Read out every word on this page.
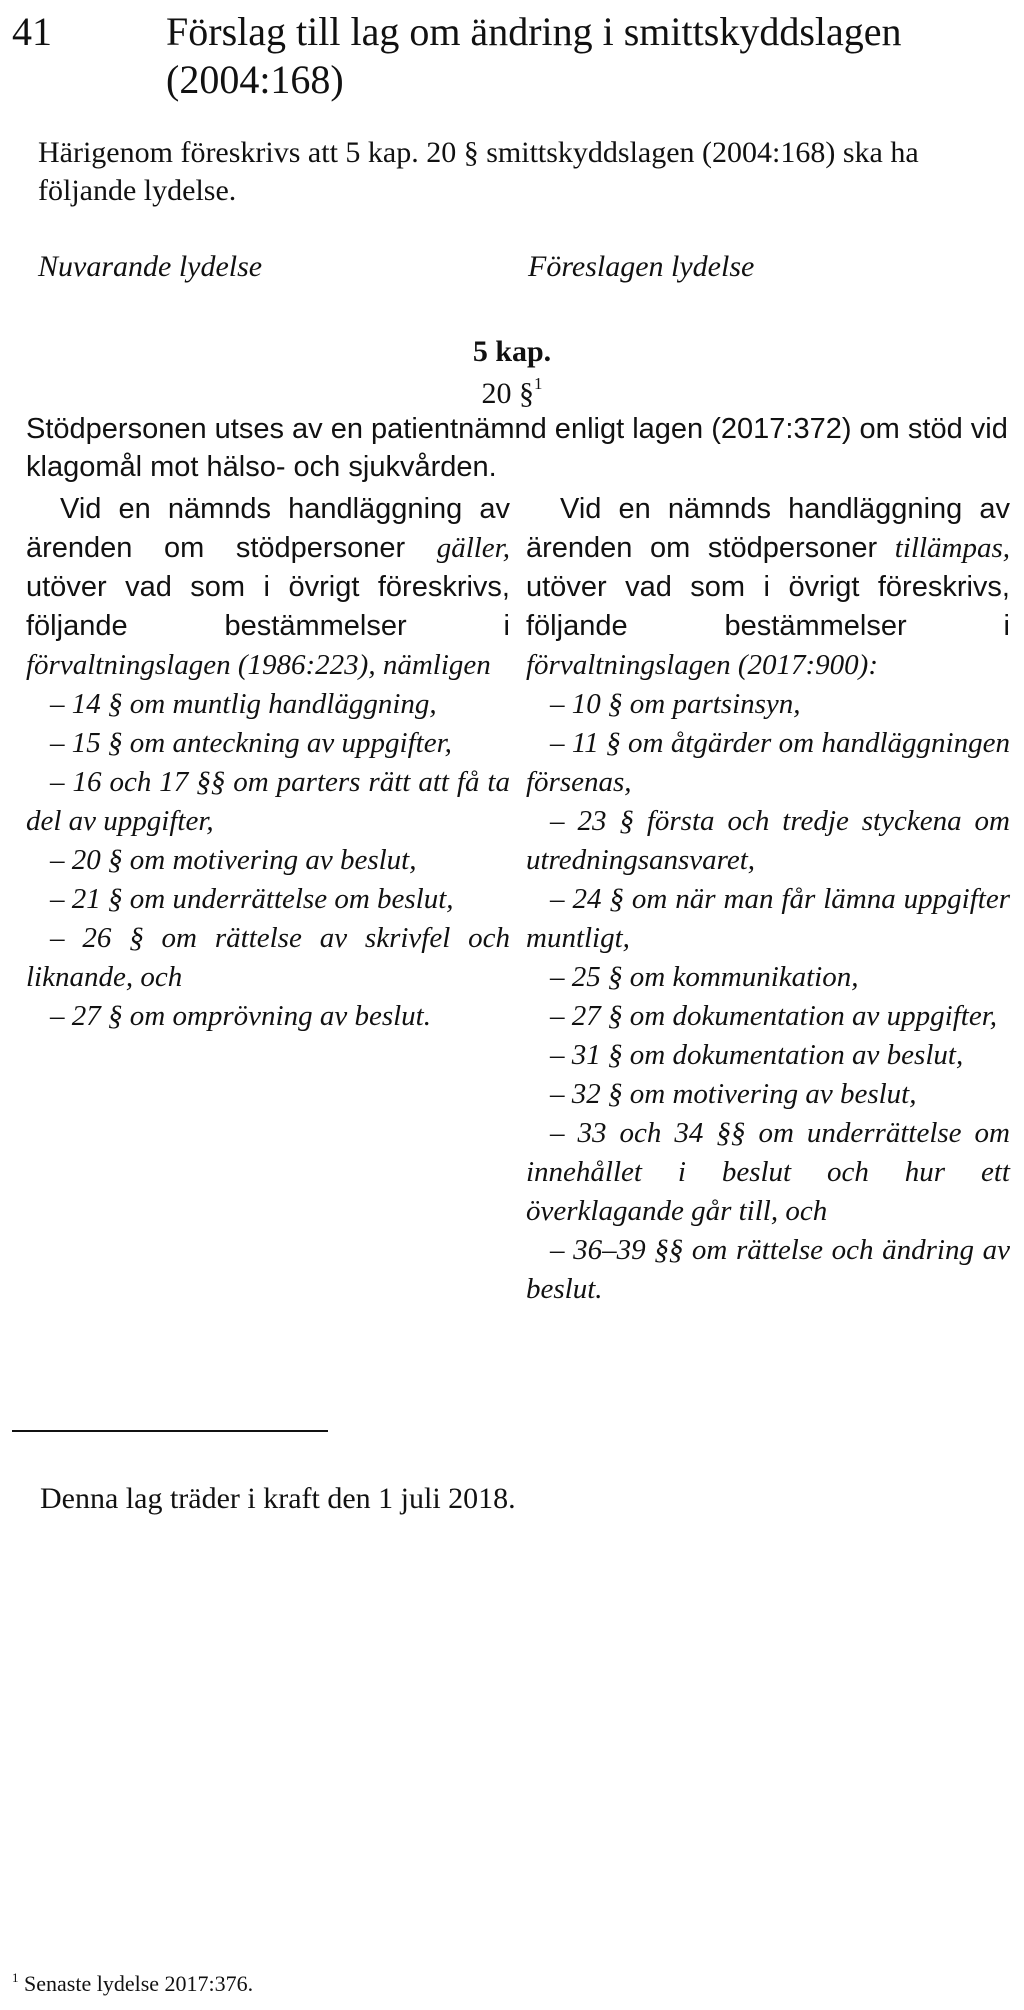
41	Förslag till lag om ändring i smittskyddslagen (2004:168)
Härigenom föreskrivs att 5 kap. 20 § smittskyddslagen (2004:168) ska ha följande lydelse.
Nuvarande lydelse	Föreslagen lydelse
5 kap.
20 §$^1$
Stödpersonen utses av en patientnämnd enligt lagen (2017:372) om stöd vid klagomål mot hälso- och sjukvården.

Vid en nämnds handläggning av ärenden om stödpersoner gäller, utöver vad som i övrigt föreskrivs, följande bestämmelser i förvaltningslagen (1986:223), nämligen

– 14 § om muntlig handläggning,

– 15 § om anteckning av uppgifter,

– 16 och 17 §§ om parters rätt att få ta del av uppgifter,

– 20 § om motivering av beslut,

– 21 § om underrättelse om beslut,

– 26 § om rättelse av skrivfel och liknande, och

– 27 § om omprövning av beslut.

Vid en nämnds handläggning av ärenden om stödpersoner tillämpas, utöver vad som i övrigt föreskrivs, följande bestämmelser i förvaltningslagen (2017:900):

– 10 § om partsinsyn,

– 11 § om åtgärder om handläggningen försenas,

– 23 § första och tredje styckena om utredningsansvaret,

– 24 § om när man får lämna uppgifter muntligt,

– 25 § om kommunikation,

– 27 § om dokumentation av uppgifter,

– 31 § om dokumentation av beslut,

– 32 § om motivering av beslut,

– 33 och 34 §§ om underrättelse om innehållet i beslut och hur ett överklagande går till, och

– 36–39 §§ om rättelse och ändring av beslut.

Denna lag träder i kraft den 1 juli 2018.
$^1$ Senaste lydelse 2017:376.
